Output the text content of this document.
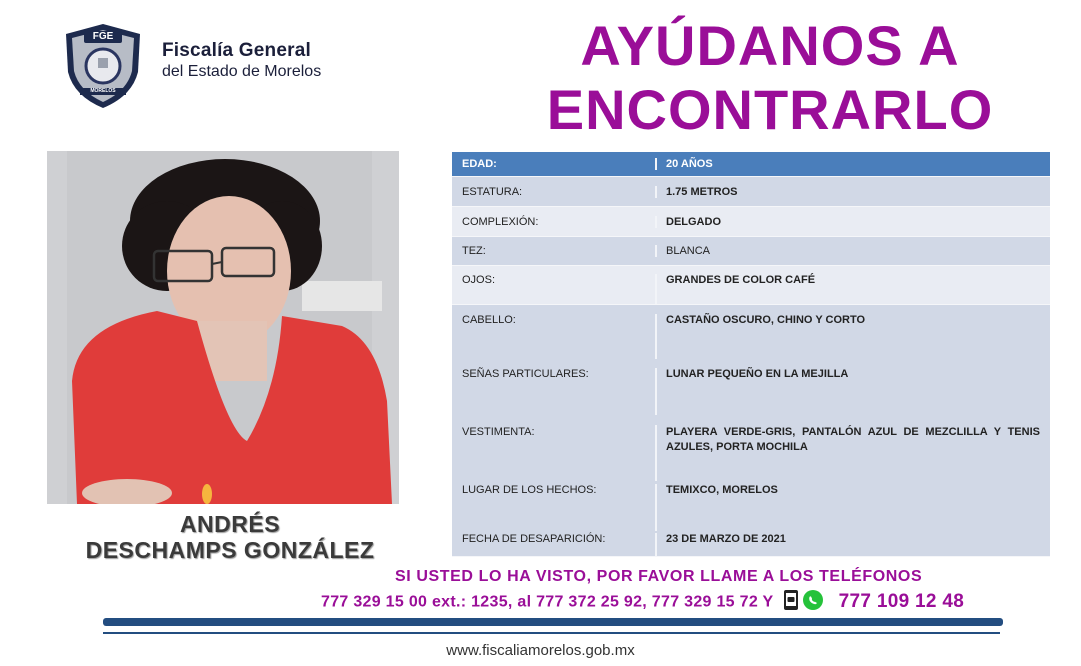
FGE
MORELOS
Fiscalía General
del Estado de Morelos	AYÚDANOS A
ENCONTRARLO
ANDRÉS
DESCHAMPS GONZÁLEZ
EDAD:	20 AÑOS
ESTATURA:	1.75 METROS
COMPLEXIÓN:	DELGADO
TEZ:	BLANCA
OJOS:	GRANDES DE COLOR CAFÉ
CABELLO:	CASTAÑO OSCURO, CHINO Y CORTO
SEÑAS PARTICULARES:	LUNAR PEQUEÑO EN LA MEJILLA
VESTIMENTA:	PLAYERA VERDE-GRIS, PANTALÓN AZUL DE MEZCLILLA Y TENIS AZULES, PORTA MOCHILA
LUGAR DE LOS HECHOS:	TEMIXCO, MORELOS
FECHA DE DESAPARICIÓN:	23 DE MARZO DE 2021
SI USTED LO HA VISTO, POR FAVOR LLAME A LOS TELÉFONOS
777 329 15 00 ext.: 1235, al 777 372 25 92, 777 329 15 72 Y	777 109 12 48
www.fiscaliamorelos.gob.mx
